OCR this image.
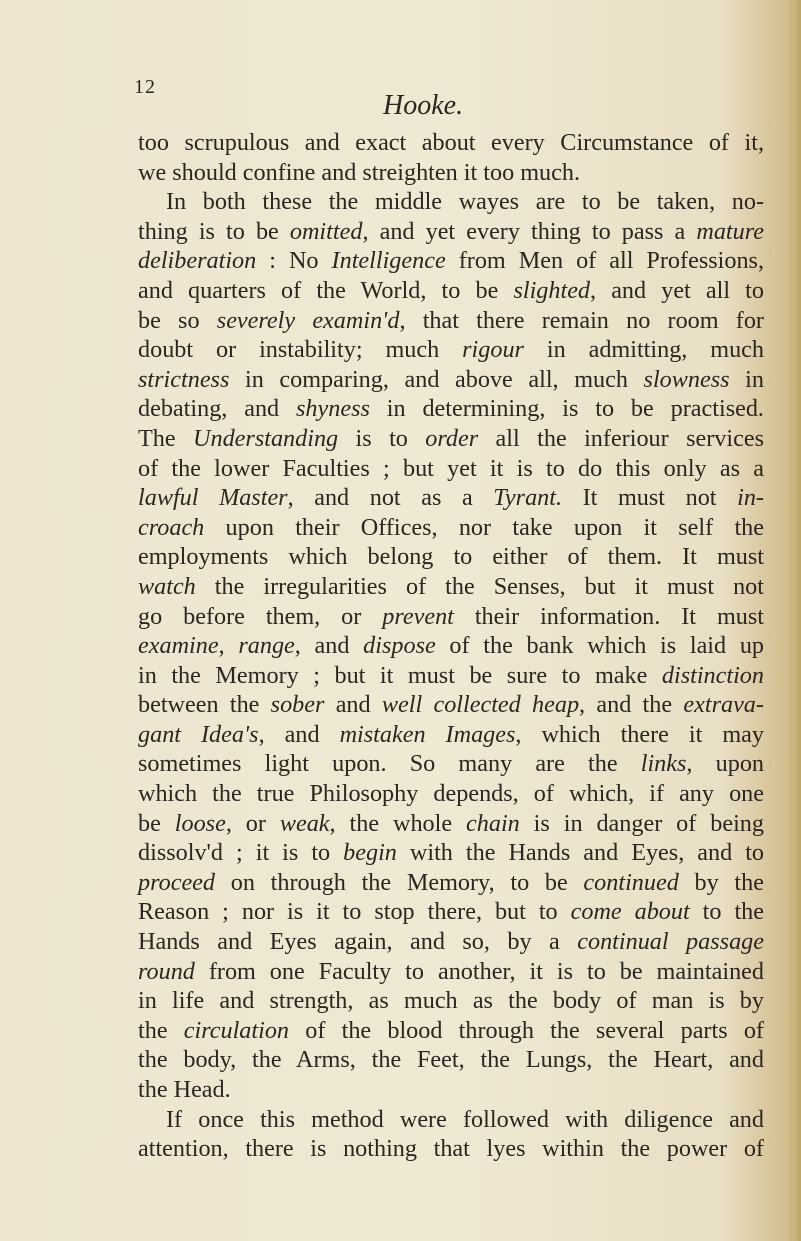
12

Hooke.

too scrupulous and exact about every Circumstance of it,
we should confine and streighten it too much.
In both these the middle wayes are to be taken, no-
thing is to be omitted, and yet every thing to pass a mature
deliberation : No Intelligence from Men of all Professions,
and quarters of the World, to be slighted, and yet all to
be so severely examin'd, that there remain no room for
doubt or instability; much rigour in admitting, much
strictness in comparing, and above all, much slowness in
debating, and shyness in determining, is to be practised.
The Understanding is to order all the inferiour services
of the lower Faculties ; but yet it is to do this only as a
lawful Master, and not as a Tyrant. It must not in-
croach upon their Offices, nor take upon it self the
employments which belong to either of them. It must
watch the irregularities of the Senses, but it must not
go before them, or prevent their information. It must
examine, range, and dispose of the bank which is laid up
in the Memory ; but it must be sure to make distinction
between the sober and well collected heap, and the extrava-
gant Idea's, and mistaken Images, which there it may
sometimes light upon. So many are the links, upon
which the true Philosophy depends, of which, if any one
be loose, or weak, the whole chain is in danger of being
dissolv'd ; it is to begin with the Hands and Eyes, and to
proceed on through the Memory, to be continued by the
Reason ; nor is it to stop there, but to come about to the
Hands and Eyes again, and so, by a continual passage
round from one Faculty to another, it is to be maintained
in life and strength, as much as the body of man is by
the circulation of the blood through the several parts of
the body, the Arms, the Feet, the Lungs, the Heart, and
the Head.
If once this method were followed with diligence and
attention, there is nothing that lyes within the power of
